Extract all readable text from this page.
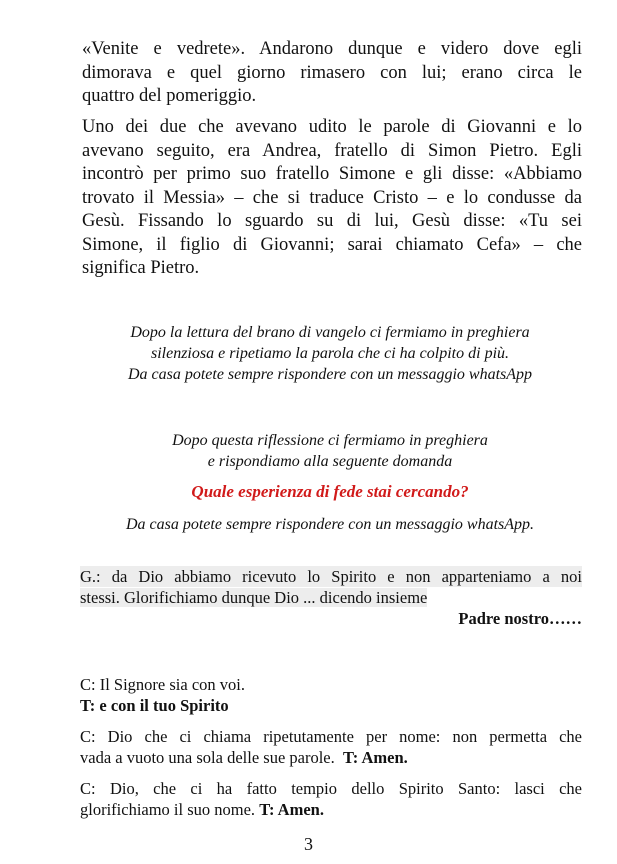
«Venite e vedrete». Andarono dunque e videro dove egli
dimorava e quel giorno rimasero con lui; erano circa le
quattro del pomeriggio.
Uno dei due che avevano udito le parole di Giovanni e lo
avevano seguito, era Andrea, fratello di Simon Pietro. Egli
incontrò per primo suo fratello Simone e gli disse: «Abbiamo
trovato il Messia» – che si traduce Cristo – e lo condusse da
Gesù. Fissando lo sguardo su di lui, Gesù disse: «Tu sei
Simone, il figlio di Giovanni; sarai chiamato Cefa» – che
significa Pietro.
Dopo la lettura del brano di vangelo ci fermiamo in preghiera
silenziosa e ripetiamo la parola che ci ha colpito di più.
Da casa potete sempre rispondere con un messaggio whatsApp
Dopo questa riflessione ci fermiamo in preghiera
e rispondiamo alla seguente domanda
Quale esperienza di fede stai cercando?
Da casa potete sempre rispondere con un messaggio whatsApp.
G.: da Dio abbiamo ricevuto lo Spirito e non apparteniamo a noi
stessi. Glorifichiamo dunque Dio ... dicendo insieme
Padre nostro……
C: Il Signore sia con voi.
T: e con il tuo Spirito
C: Dio che ci chiama ripetutamente per nome: non permetta che
vada a vuoto una sola delle sue parole. T: Amen.
C: Dio, che ci ha fatto tempio dello Spirito Santo: lasci che
glorifichiamo il suo nome. T: Amen.
3
